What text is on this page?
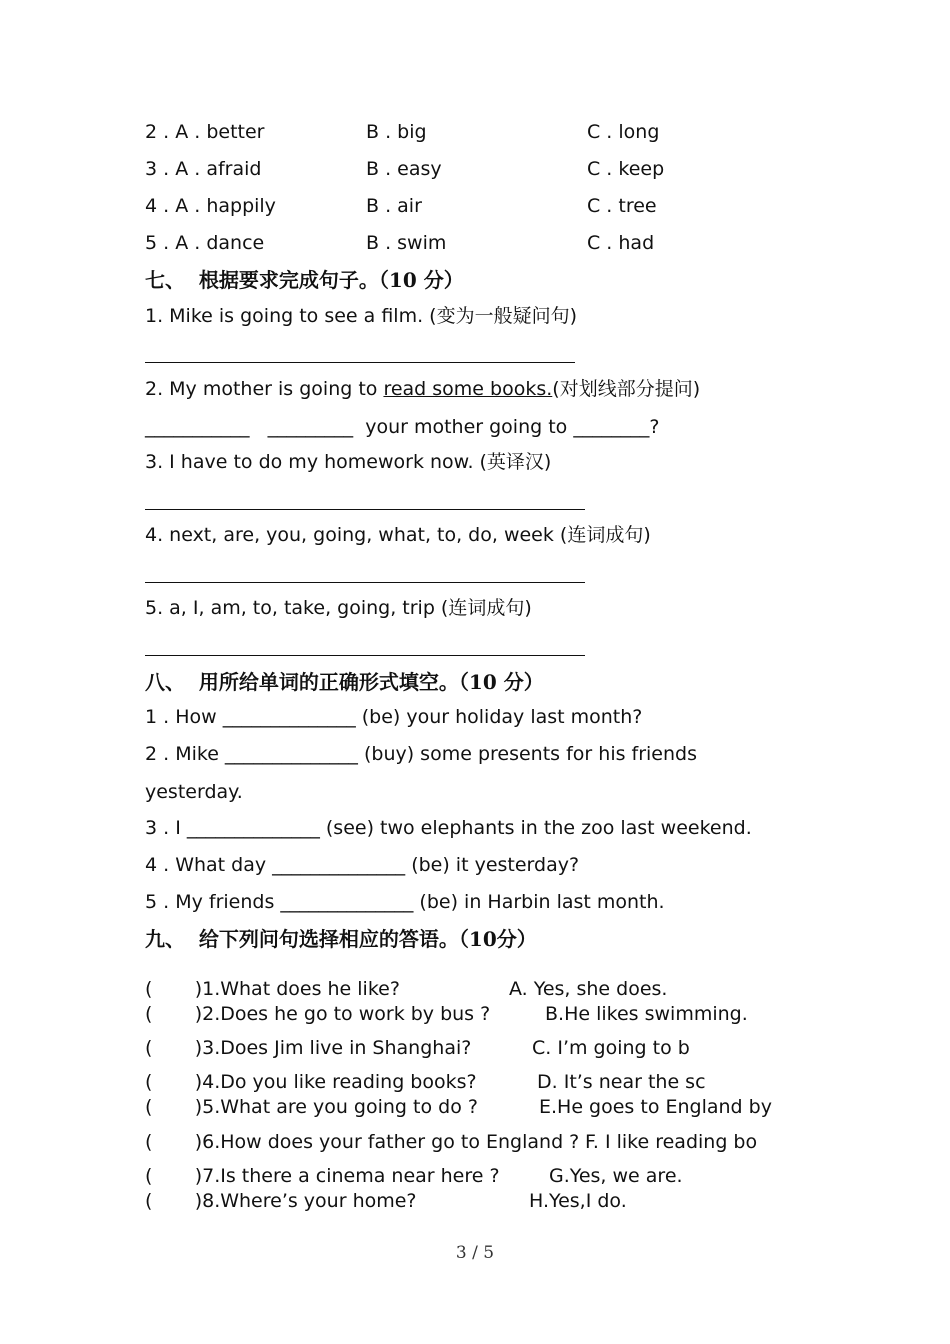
2 . A . better	B . big	C . long
3 . A . afraid	B . easy	C . keep
4 . A . happily	B . air	C . tree
5 . A . dance	B . swim	C . had
七、  根据要求完成句子。（10 分）
1. Mike is going to see a film. (变为一般疑问句)
2. My mother is going to read some books.(对划线部分提问)
___________   _________  your mother going to ________?
3. I have to do my homework now. (英译汉)
4. next, are, you, going, what, to, do, week (连词成句)
5. a, I, am, to, take, going, trip (连词成句)
八、  用所给单词的正确形式填空。（10 分）
1 . How ______________ (be) your holiday last month?
2 . Mike ______________ (buy) some presents for his friends
yesterday.
3 . I ______________ (see) two elephants in the zoo last weekend.
4 . What day ______________ (be) it yesterday?
5 . My friends ______________ (be) in Harbin last month.
九、  给下列问句选择相应的答语。（10分）
(       )1.What does he like?	A. Yes, she does.
(       )2.Does he go to work by bus ?	B.He likes swimming.
(       )3.Does Jim live in Shanghai?	C. I’m going to b
(       )4.Do you like reading books?	D. It’s near the sc
(       )5.What are you going to do ?	E.He goes to England by
(       )6.How does your father go to England ? F. I like reading bo
(       )7.Is there a cinema near here ?	G.Yes, we are.
(       )8.Where’s your home?	H.Yes,I do.
3 / 5
